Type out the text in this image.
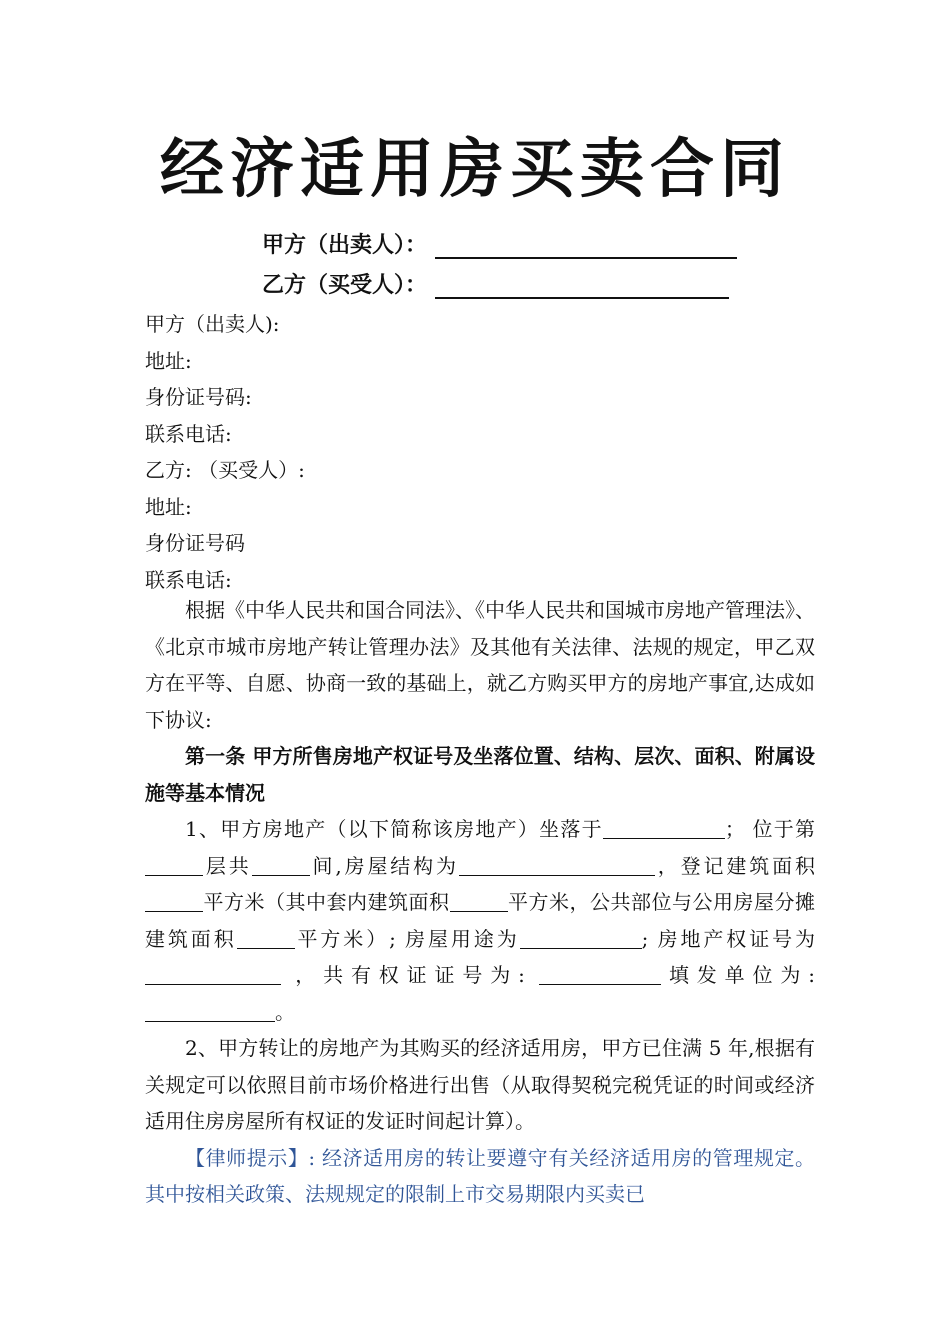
经济适用房买卖合同
甲方（出卖人）：
乙方（买受人）：
甲方（出卖人):
地址:
身份证号码:
联系电话:
乙方: （买受人）:
地址:
身份证号码
联系电话:

根据《中华人民共和国合同法》、《中华人民共和国城市房地产管理法》、《北京市城市房地产转让管理办法》及其他有关法律、法规的规定，甲乙双方在平等、自愿、协商一致的基础上，就乙方购买甲方的房地产事宜,达成如下协议:

第一条 甲方所售房地产权证号及坐落位置、结构、层次、面积、附属设施等基本情况

1、甲方房地产（以下简称该房地产）坐落于	； 位于第层共	间,房屋结构为	，登记建筑面积平方米（其中套内建筑面积	平方米，公共部位与公用房屋分摊建筑面积	平方米）; 房屋用途为	; 房地产权证号为 ，共有权证证号为:	填发单位为: 。

2、甲方转让的房地产为其购买的经济适用房，甲方已住满 5 年,根据有关规定可以依照目前市场价格进行出售（从取得契税完税凭证的时间或经济适用住房房屋所有权证的发证时间起计算）。

【律师提示】: 经济适用房的转让要遵守有关经济适用房的管理规定。其中按相关政策、法规规定的限制上市交易期限内买卖已
